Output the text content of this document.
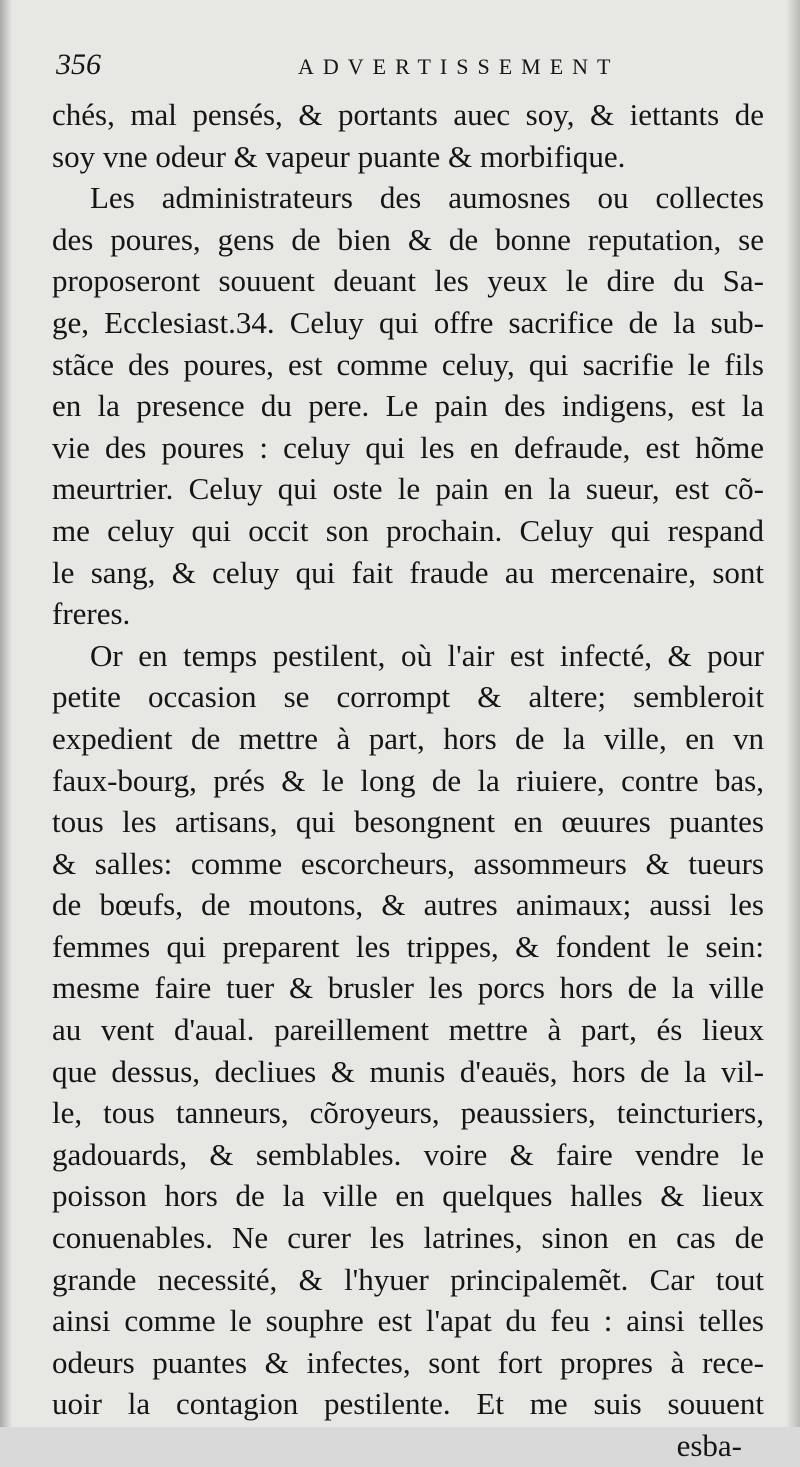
356	ADVERTISSEMENT
chés, mal pensés, & portants auec soy, & iettants de
soy vne odeur & vapeur puante & morbifique.
Les administrateurs des aumosnes ou collectes
des poures, gens de bien & de bonne reputation, se
proposeront souuent deuant les yeux le dire du Sa-
ge, Ecclesiast.34. Celuy qui offre sacrifice de la sub-
stãce des poures, est comme celuy, qui sacrifie le fils
en la presence du pere. Le pain des indigens, est la
vie des poures : celuy qui les en defraude, est hõme
meurtrier. Celuy qui oste le pain en la sueur, est cõ-
me celuy qui occit son prochain. Celuy qui respand
le sang, & celuy qui fait fraude au mercenaire, sont
freres.
Or en temps pestilent, où l'air est infecté, & pour
petite occasion se corrompt & altere; sembleroit
expedient de mettre à part, hors de la ville, en vn
faux-bourg, prés & le long de la riuiere, contre bas,
tous les artisans, qui besongnent en œuures puantes
& salles: comme escorcheurs, assommeurs & tueurs
de bœufs, de moutons, & autres animaux; aussi les
femmes qui preparent les trippes, & fondent le sein:
mesme faire tuer & brusler les porcs hors de la ville
au vent d'aual. pareillement mettre à part, és lieux
que dessus, decliues & munis d'eauës, hors de la vil-
le, tous tanneurs, cõroyeurs, peaussiers, teincturiers,
gadouards, & semblables. voire & faire vendre le
poisson hors de la ville en quelques halles & lieux
conuenables. Ne curer les latrines, sinon en cas de
grande necessité, & l'hyuer principalemẽt. Car tout
ainsi comme le souphre est l'apat du feu : ainsi telles
odeurs puantes & infectes, sont fort propres à rece-
uoir la contagion pestilente. Et me suis souuent
esba-
